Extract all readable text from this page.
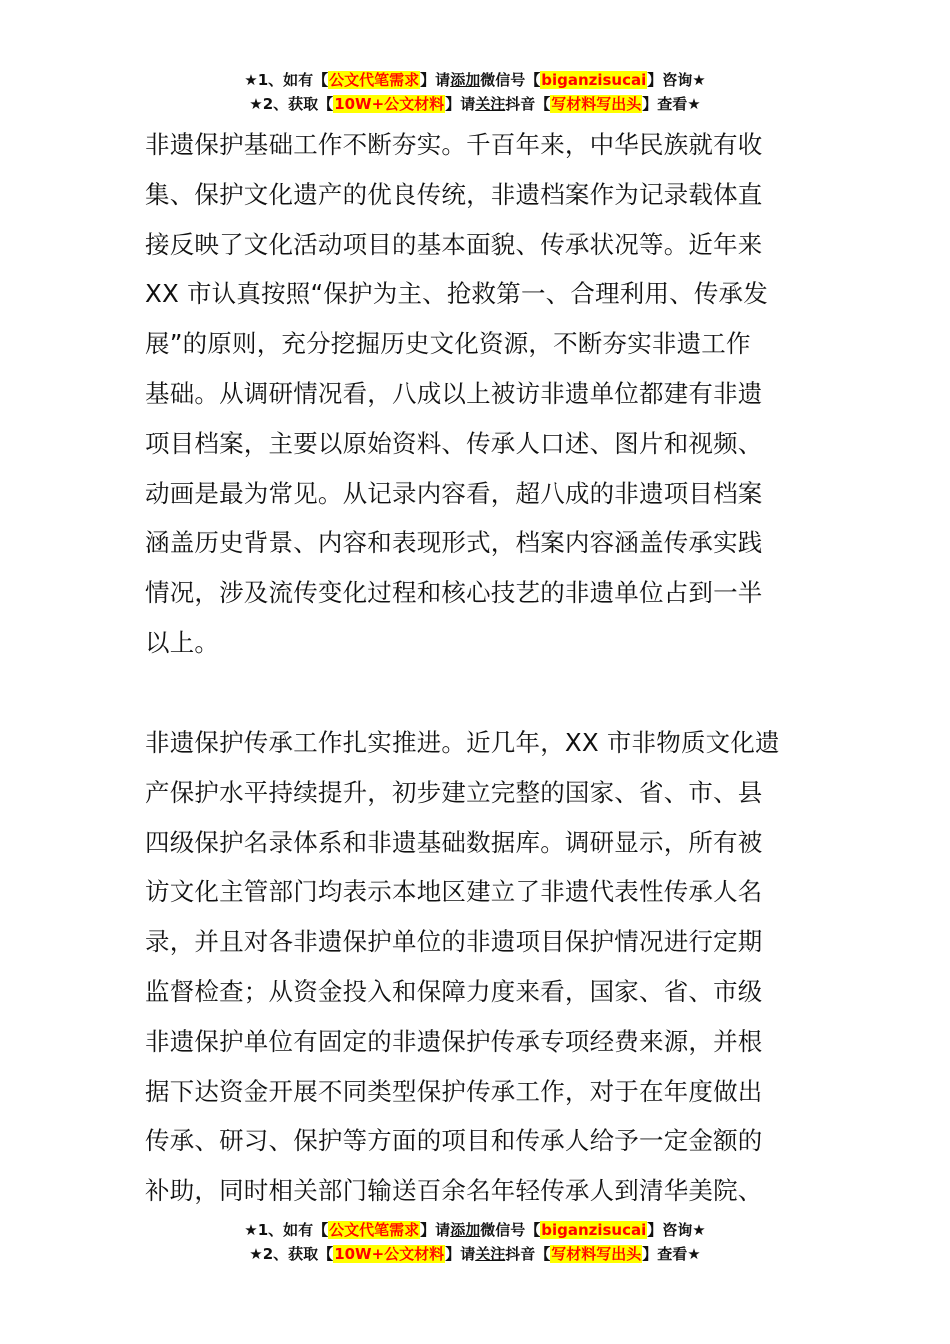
★1、如有【公文代笔需求】请添加微信号【biganzisucai】咨询★
★2、获取【10W+公文材料】请关注抖音【写材料写出头】查看★
非遗保护基础工作不断夯实。千百年来，中华民族就有收
集、保护文化遗产的优良传统，非遗档案作为记录载体直
接反映了文化活动项目的基本面貌、传承状况等。近年来
XX 市认真按照“保护为主、抢救第一、合理利用、传承发
展”的原则，充分挖掘历史文化资源，不断夯实非遗工作
基础。从调研情况看，八成以上被访非遗单位都建有非遗
项目档案，主要以原始资料、传承人口述、图片和视频、
动画是最为常见。从记录内容看，超八成的非遗项目档案
涵盖历史背景、内容和表现形式，档案内容涵盖传承实践
情况，涉及流传变化过程和核心技艺的非遗单位占到一半
以上。
非遗保护传承工作扎实推进。近几年，XX 市非物质文化遗
产保护水平持续提升，初步建立完整的国家、省、市、县
四级保护名录体系和非遗基础数据库。调研显示，所有被
访文化主管部门均表示本地区建立了非遗代表性传承人名
录，并且对各非遗保护单位的非遗项目保护情况进行定期
监督检查；从资金投入和保障力度来看，国家、省、市级
非遗保护单位有固定的非遗保护传承专项经费来源，并根
据下达资金开展不同类型保护传承工作，对于在年度做出
传承、研习、保护等方面的项目和传承人给予一定金额的
补助，同时相关部门输送百余名年轻传承人到清华美院、
★1、如有【公文代笔需求】请添加微信号【biganzisucai】咨询★
★2、获取【10W+公文材料】请关注抖音【写材料写出头】查看★
